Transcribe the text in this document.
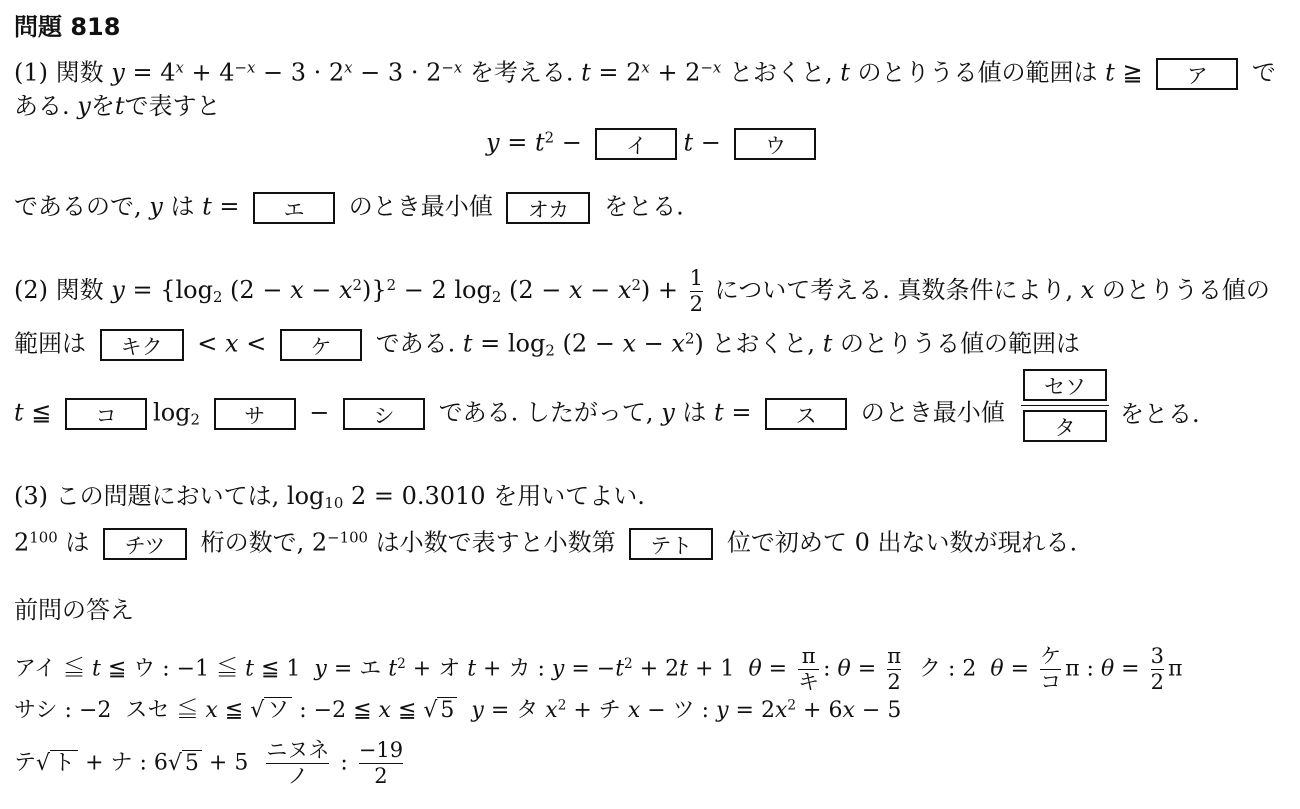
問題 818
(1) 関数 $y = 4^x + 4^{-x} - 3 \cdot 2^x - 3 \cdot 2^{-x}$ を考える. $t = 2^x + 2^{-x}$ とおくと, t のとりうる値の範囲は t ≧ ア で
ある. yをtで表すと
$y = t^2$ − イ t − ウ
であるので, y は t = エ のとき最小値 オカ をとる.
(2) 関数 $y = \{\log_2$ $(2 - x - x^2)\}^2 - 2$ $\log_2 (2 - x - x^2) + \frac{1}{2}$ について考える. 真数条件により, x のとりうる値の
範囲は キク < x < ケ である. $t = \log_2 (2 - x - x^2)$ とおくと, t のとりうる値の範囲は
t ≦ コ $\log_2$ サ − シ である. したがって, y は t = ス のとき最小値
セソ
タ	をとる.
(3) この問題においては, $\log_{10} 2 = 0.3010$ を用いてよい.
$2^{100}$ は チツ 桁の数で, $2^{-100}$ は小数で表すと小数第 テト 位で初めて 0 出ない数が現れる.
前問の答え
アイ ≦ t ≦ ウ : −1 ≦ t ≦ 1 y = エ $t^2$ + オ t + カ : $y = -t^2 + 2t + 1$ $\theta = \frac{\pi}{\text{キ}}$ : $\theta = \frac{\pi}{2}$ ク : 2 $\theta = \frac{\text{ケ}}{\text{コ}}$ π : $\theta = \frac{3}{2}$ π
サシ : −2 スセ ≦ x ≦ √ ソ : −2 ≦ x ≦ √ 5 y = タ $x^2$ + チ x − ツ : $y = 2x^2 + 6x - 5$
テ√ ト + ナ : 6√ $5 + 5 \frac{\text{ニヌネ}}{\text{ノ}}$ : $\frac{-19}{2}$
